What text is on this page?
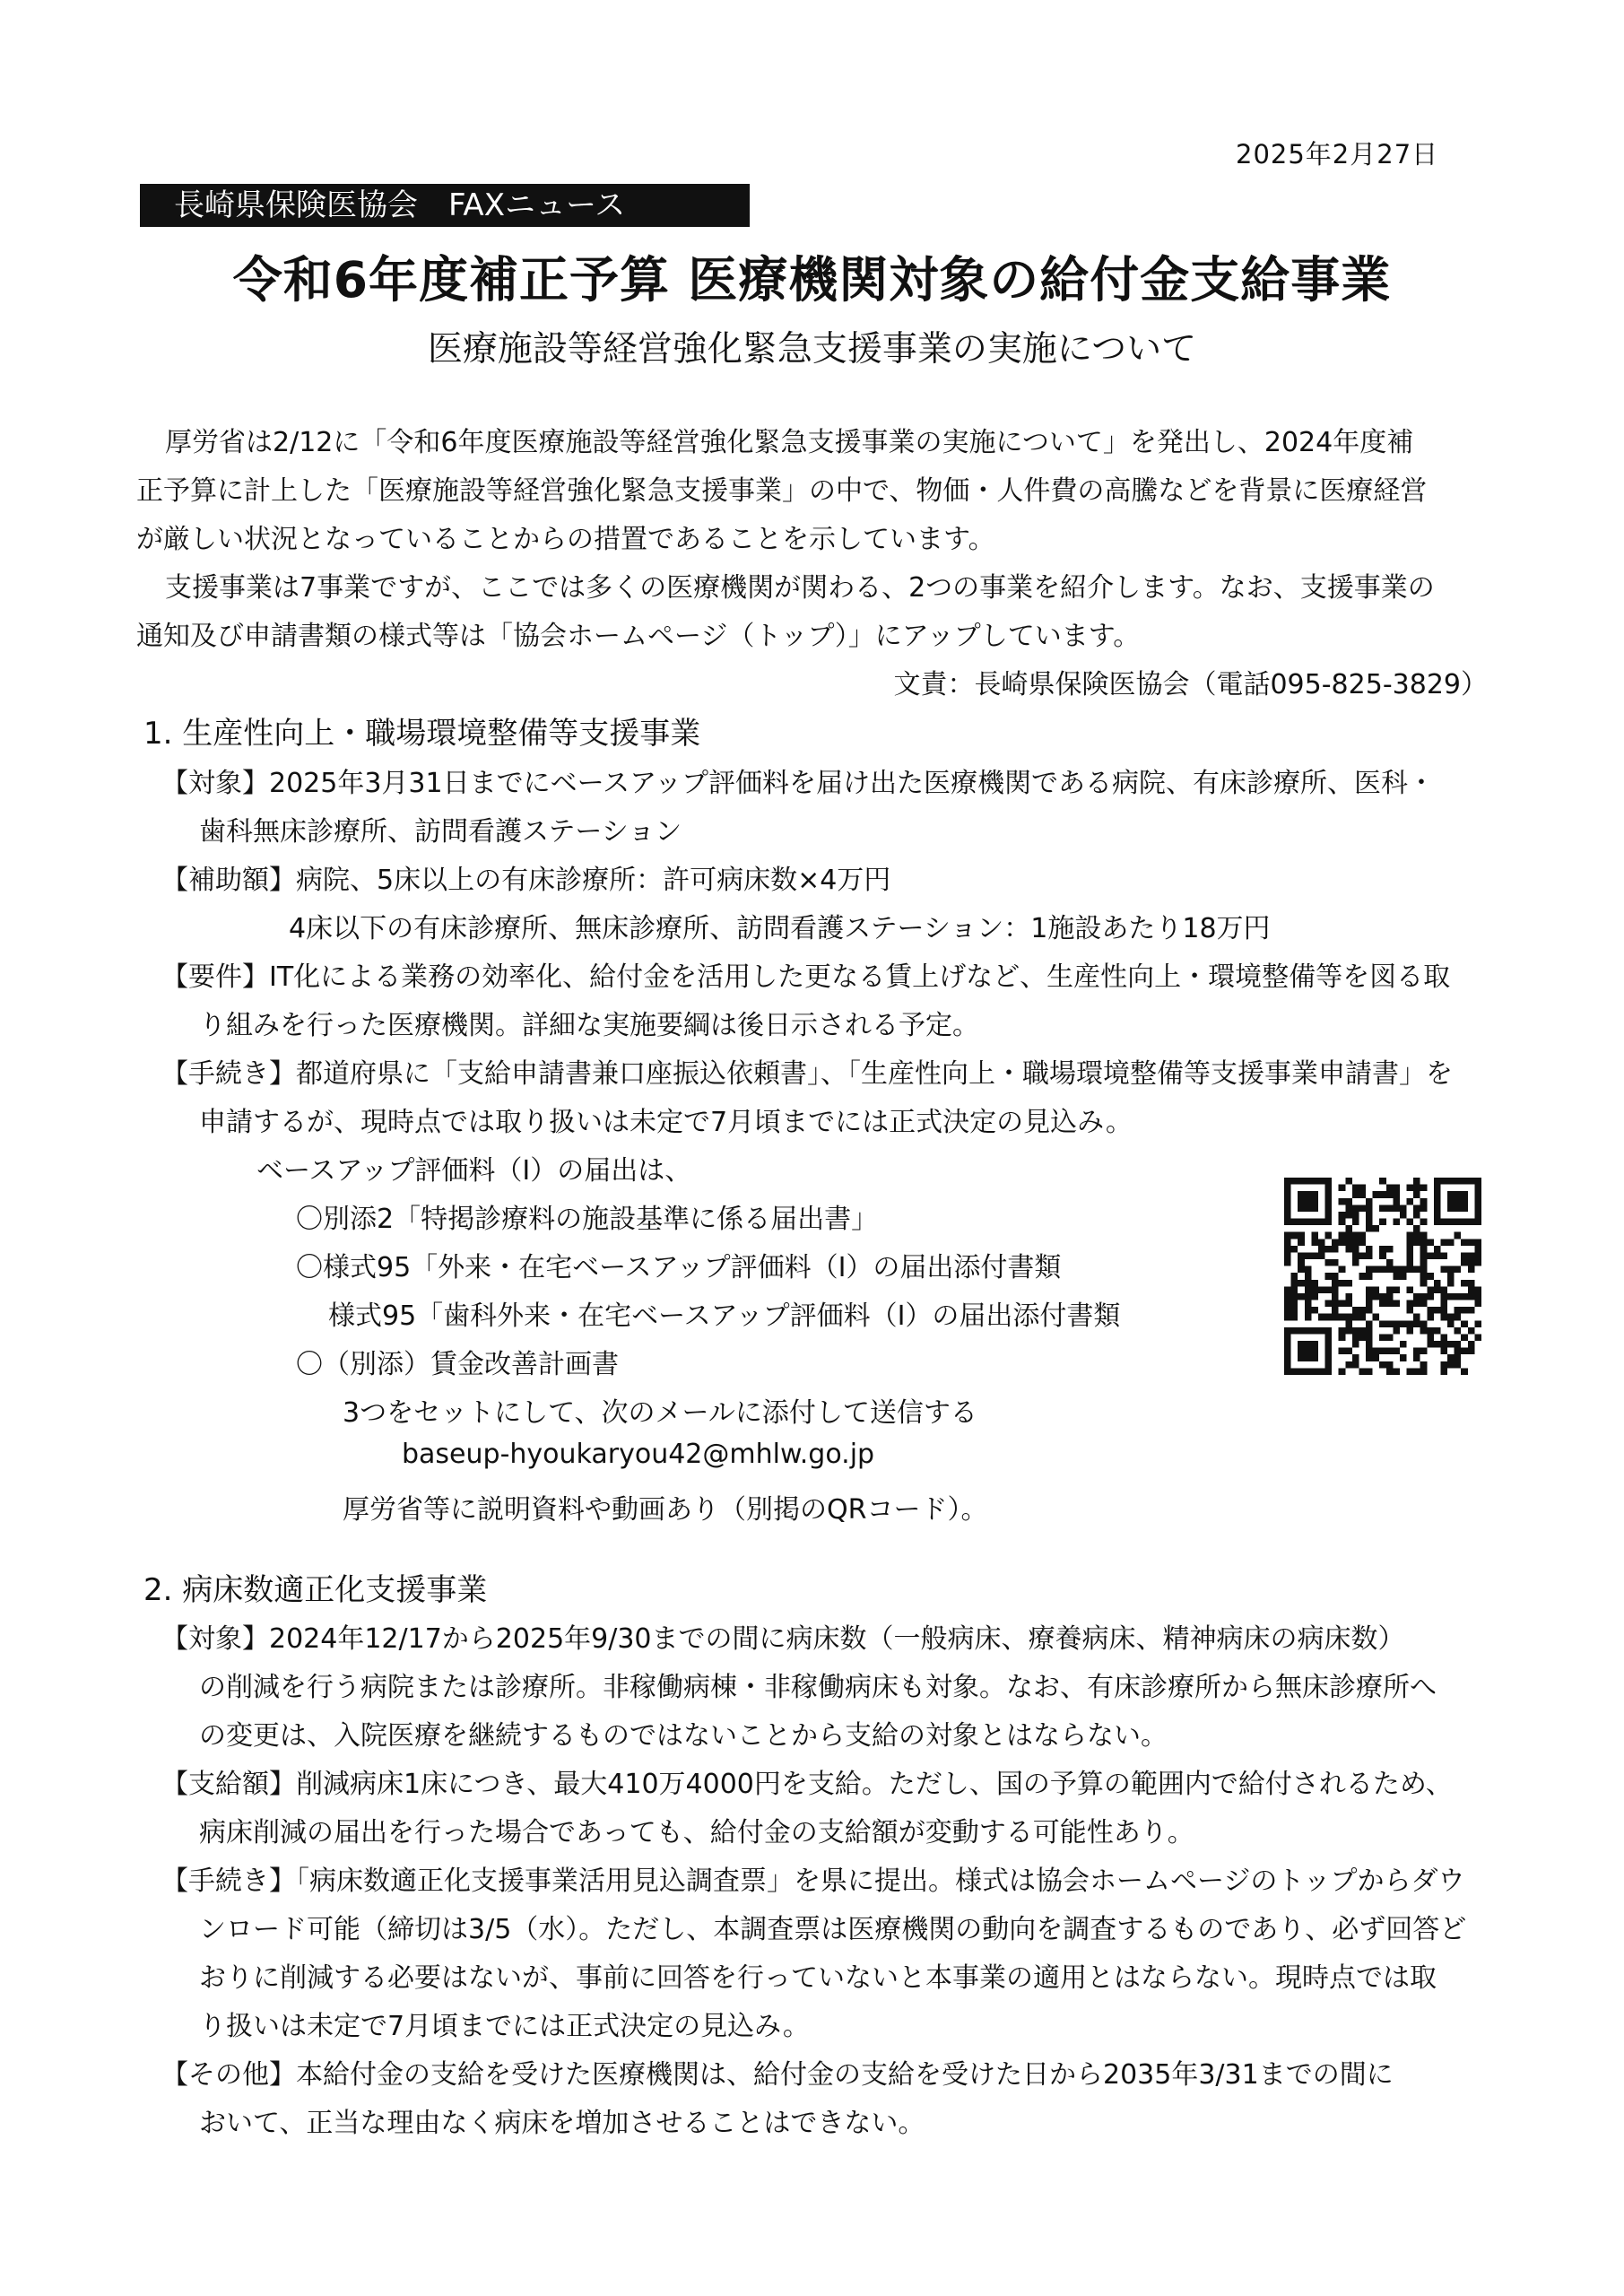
2025年2月27日
長崎県保険医協会　FAXニュース
令和6年度補正予算 医療機関対象の給付金支給事業
医療施設等経営強化緊急支援事業の実施について
厚労省は2/12に「令和6年度医療施設等経営強化緊急支援事業の実施について」を発出し、2024年度補
正予算に計上した「医療施設等経営強化緊急支援事業」の中で、物価・人件費の高騰などを背景に医療経営
が厳しい状況となっていることからの措置であることを示しています。
支援事業は7事業ですが、ここでは多くの医療機関が関わる、2つの事業を紹介します。なお、支援事業の
通知及び申請書類の様式等は「協会ホームページ（トップ）」にアップしています。
文責：長崎県保険医協会（電話095-825-3829）
1. 生産性向上・職場環境整備等支援事業
【対象】2025年3月31日までにベースアップ評価料を届け出た医療機関である病院、有床診療所、医科・
歯科無床診療所、訪問看護ステーション
【補助額】病院、5床以上の有床診療所：許可病床数×4万円
4床以下の有床診療所、無床診療所、訪問看護ステーション：1施設あたり18万円
【要件】IT化による業務の効率化、給付金を活用した更なる賃上げなど、生産性向上・環境整備等を図る取
り組みを行った医療機関。詳細な実施要綱は後日示される予定。
【手続き】都道府県に「支給申請書兼口座振込依頼書」、「生産性向上・職場環境整備等支援事業申請書」を
申請するが、現時点では取り扱いは未定で7月頃までには正式決定の見込み。
ベースアップ評価料（Ⅰ）の届出は、
〇別添2「特掲診療料の施設基準に係る届出書」
〇様式95「外来・在宅ベースアップ評価料（Ⅰ）の届出添付書類
様式95「歯科外来・在宅ベースアップ評価料（Ⅰ）の届出添付書類
〇（別添）賃金改善計画書
3つをセットにして、次のメールに添付して送信する
baseup-hyoukaryou42@mhlw.go.jp
厚労省等に説明資料や動画あり（別掲のQRコード）。
2. 病床数適正化支援事業
【対象】2024年12/17から2025年9/30までの間に病床数（一般病床、療養病床、精神病床の病床数）
の削減を行う病院または診療所。非稼働病棟・非稼働病床も対象。なお、有床診療所から無床診療所へ
の変更は、入院医療を継続するものではないことから支給の対象とはならない。
【支給額】削減病床1床につき、最大410万4000円を支給。ただし、国の予算の範囲内で給付されるため、
病床削減の届出を行った場合であっても、給付金の支給額が変動する可能性あり。
【手続き】「病床数適正化支援事業活用見込調査票」を県に提出。様式は協会ホームページのトップからダウ
ンロード可能（締切は3/5（水）。ただし、本調査票は医療機関の動向を調査するものであり、必ず回答ど
おりに削減する必要はないが、事前に回答を行っていないと本事業の適用とはならない。現時点では取
り扱いは未定で7月頃までには正式決定の見込み。
【その他】本給付金の支給を受けた医療機関は、給付金の支給を受けた日から2035年3/31までの間に
おいて、正当な理由なく病床を増加させることはできない。
